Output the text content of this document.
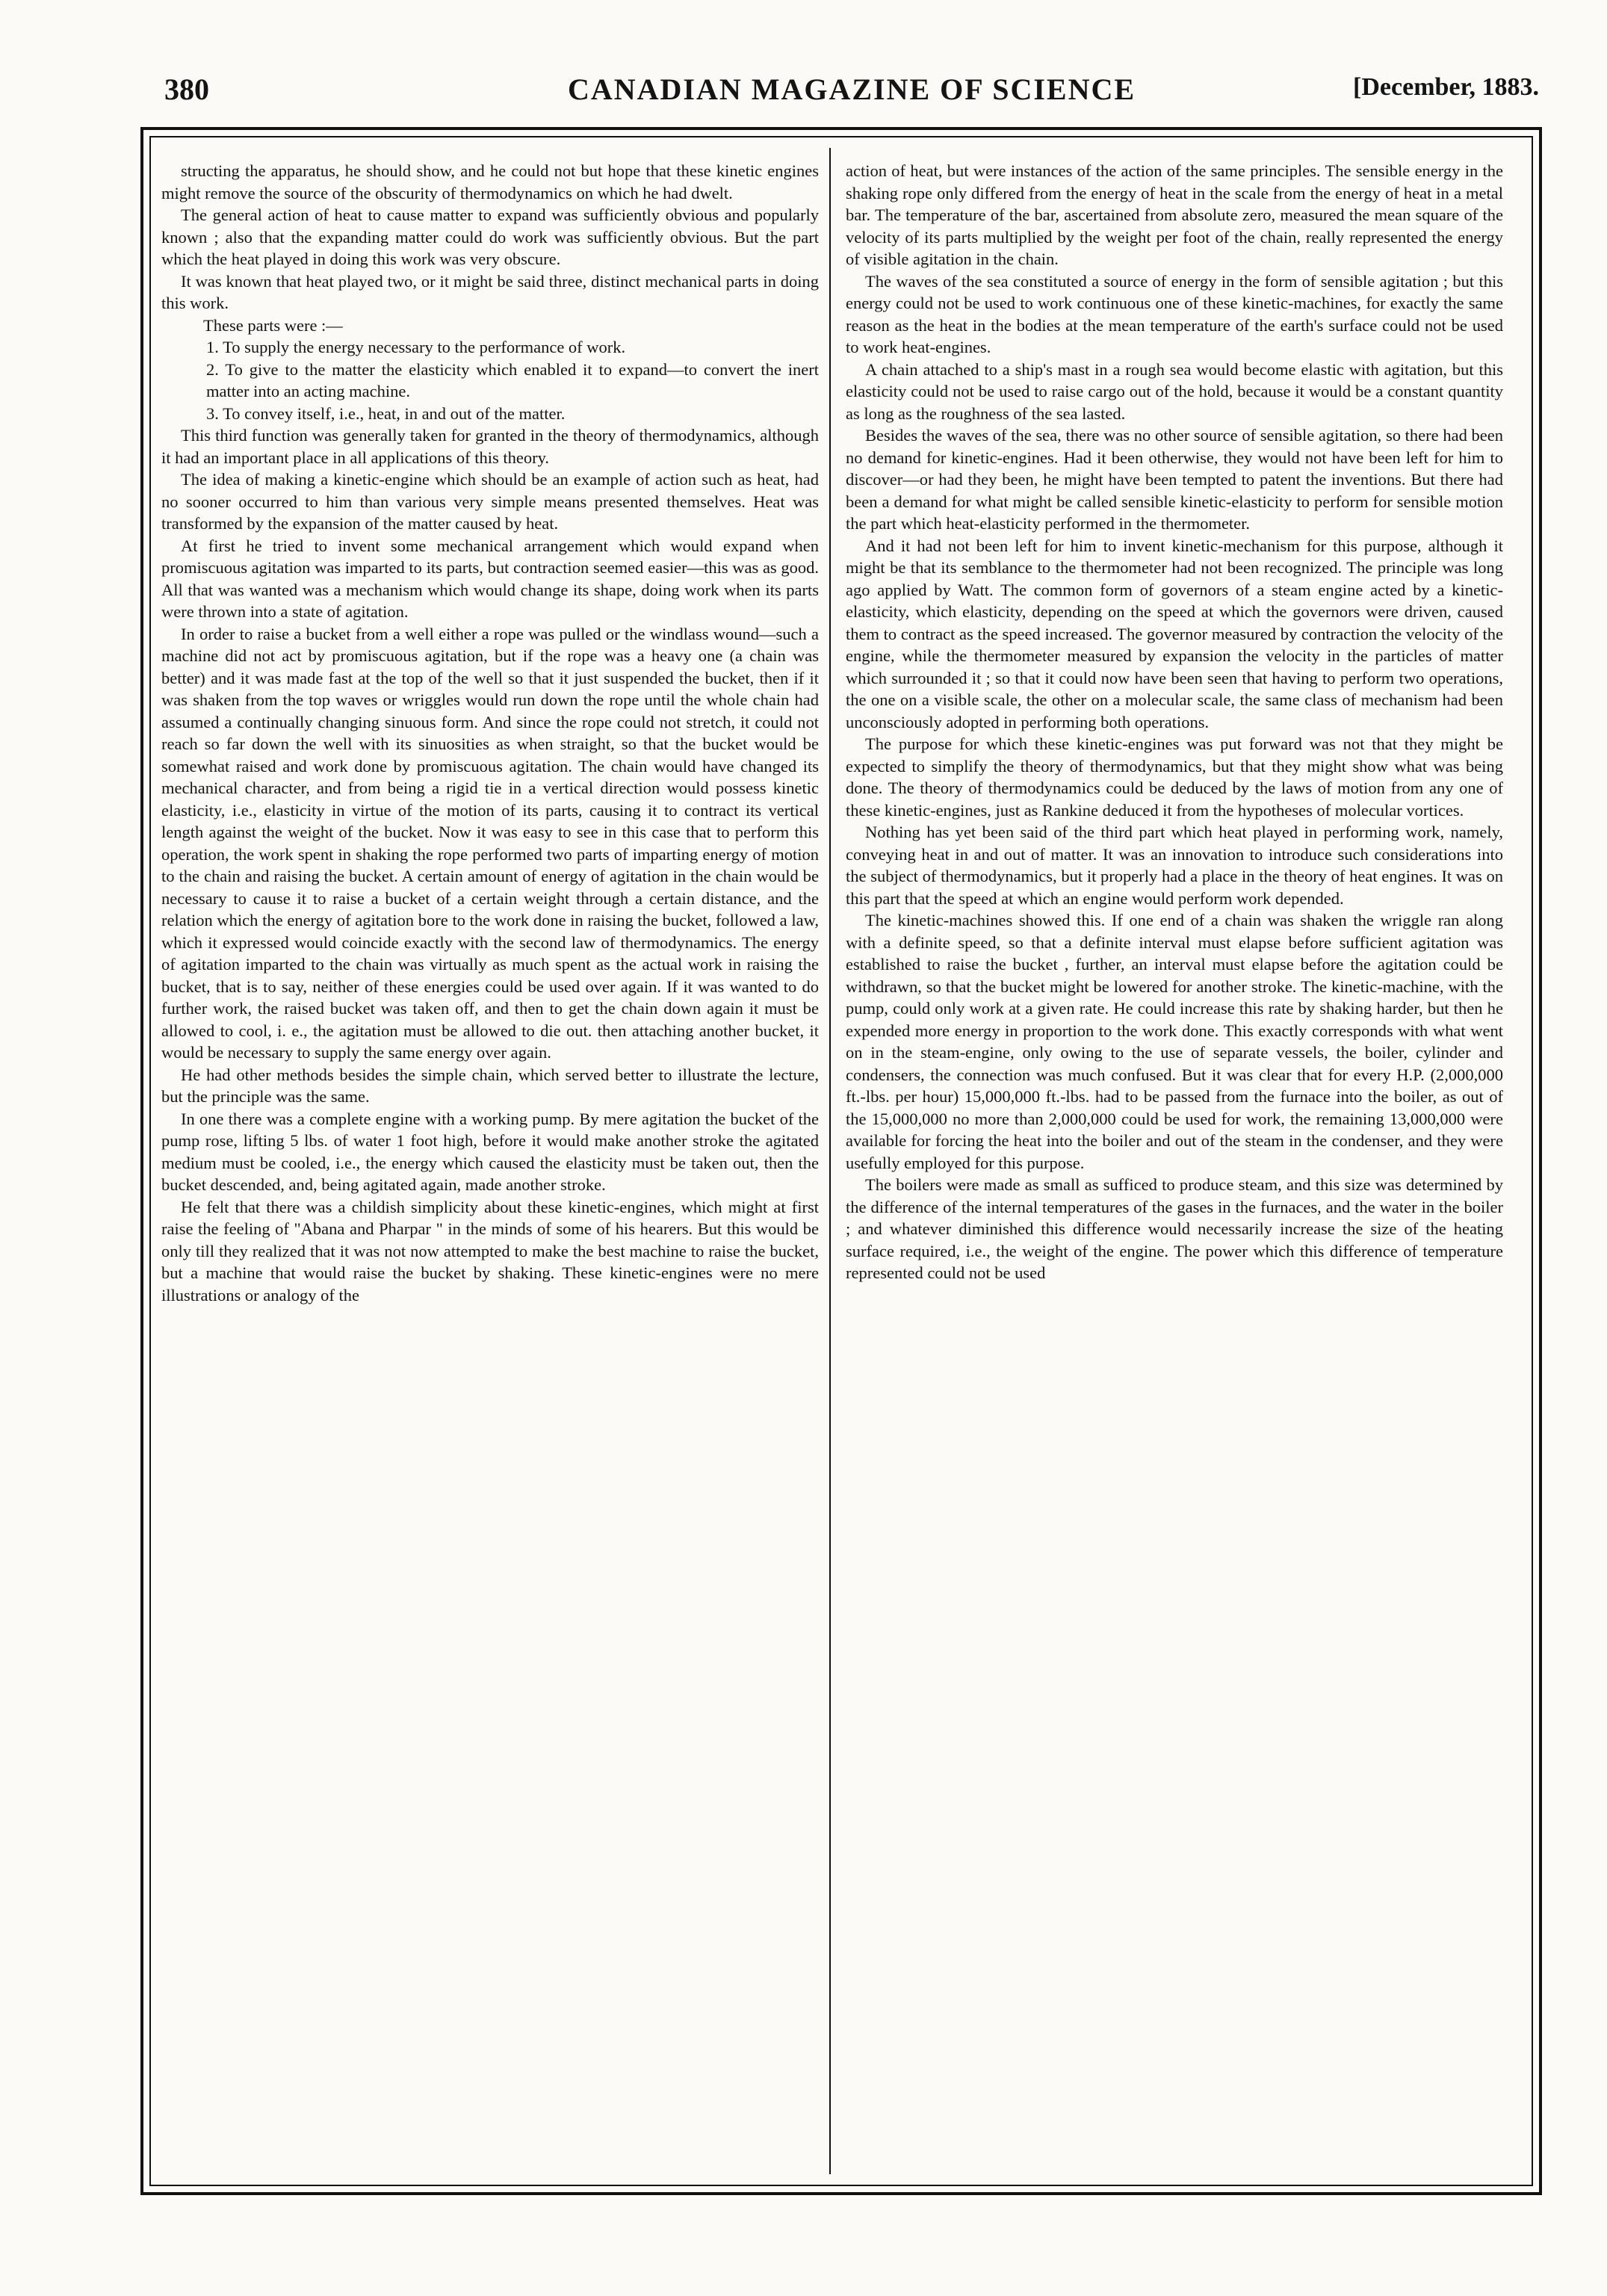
380	CANADIAN MAGAZINE OF SCIENCE	[December, 1883.

structing the apparatus, he should show, and he could not but hope that these kinetic engines might remove the source of the obscurity of thermodynamics on which he had dwelt.

The general action of heat to cause matter to expand was sufficiently obvious and popularly known ; also that the expanding matter could do work was sufficiently obvious. But the part which the heat played in doing this work was very obscure.

It was known that heat played two, or it might be said three, distinct mechanical parts in doing this work.

These parts were :—

1. To supply the energy necessary to the performance of work.

2. To give to the matter the elasticity which enabled it to expand—to convert the inert matter into an acting machine.

3. To convey itself, i.e., heat, in and out of the matter.

This third function was generally taken for granted in the theory of thermodynamics, although it had an important place in all applications of this theory.

The idea of making a kinetic-engine which should be an example of action such as heat, had no sooner occurred to him than various very simple means presented themselves. Heat was transformed by the expansion of the matter caused by heat.

At first he tried to invent some mechanical arrangement which would expand when promiscuous agitation was imparted to its parts, but contraction seemed easier—this was as good. All that was wanted was a mechanism which would change its shape, doing work when its parts were thrown into a state of agitation.

In order to raise a bucket from a well either a rope was pulled or the windlass wound—such a machine did not act by promiscuous agitation, but if the rope was a heavy one (a chain was better) and it was made fast at the top of the well so that it just suspended the bucket, then if it was shaken from the top waves or wriggles would run down the rope until the whole chain had assumed a continually changing sinuous form. And since the rope could not stretch, it could not reach so far down the well with its sinuosities as when straight, so that the bucket would be somewhat raised and work done by promiscuous agitation. The chain would have changed its mechanical character, and from being a rigid tie in a vertical direction would possess kinetic elasticity, i.e., elasticity in virtue of the motion of its parts, causing it to contract its vertical length against the weight of the bucket. Now it was easy to see in this case that to perform this operation, the work spent in shaking the rope performed two parts of imparting energy of motion to the chain and raising the bucket. A certain amount of energy of agitation in the chain would be necessary to cause it to raise a bucket of a certain weight through a certain distance, and the relation which the energy of agitation bore to the work done in raising the bucket, followed a law, which it expressed would coincide exactly with the second law of thermodynamics. The energy of agitation imparted to the chain was virtually as much spent as the actual work in raising the bucket, that is to say, neither of these energies could be used over again. If it was wanted to do further work, the raised bucket was taken off, and then to get the chain down again it must be allowed to cool, i. e., the agitation must be allowed to die out. then attaching another bucket, it would be necessary to supply the same energy over again.

He had other methods besides the simple chain, which served better to illustrate the lecture, but the principle was the same.

In one there was a complete engine with a working pump. By mere agitation the bucket of the pump rose, lifting 5 lbs. of water 1 foot high, before it would make another stroke the agitated medium must be cooled, i.e., the energy which caused the elasticity must be taken out, then the bucket descended, and, being agitated again, made another stroke.

He felt that there was a childish simplicity about these kinetic-engines, which might at first raise the feeling of "Abana and Pharpar " in the minds of some of his hearers. But this would be only till they realized that it was not now attempted to make the best machine to raise the bucket, but a machine that would raise the bucket by shaking. These kinetic-engines were no mere illustrations or analogy of the

action of heat, but were instances of the action of the same principles. The sensible energy in the shaking rope only differed from the energy of heat in the scale from the energy of heat in a metal bar. The temperature of the bar, ascertained from absolute zero, measured the mean square of the velocity of its parts multiplied by the weight per foot of the chain, really represented the energy of visible agitation in the chain.

The waves of the sea constituted a source of energy in the form of sensible agitation ; but this energy could not be used to work continuous one of these kinetic-machines, for exactly the same reason as the heat in the bodies at the mean temperature of the earth's surface could not be used to work heat-engines.

A chain attached to a ship's mast in a rough sea would become elastic with agitation, but this elasticity could not be used to raise cargo out of the hold, because it would be a constant quantity as long as the roughness of the sea lasted.

Besides the waves of the sea, there was no other source of sensible agitation, so there had been no demand for kinetic-engines. Had it been otherwise, they would not have been left for him to discover—or had they been, he might have been tempted to patent the inventions. But there had been a demand for what might be called sensible kinetic-elasticity to perform for sensible motion the part which heat-elasticity performed in the thermometer.

And it had not been left for him to invent kinetic-mechanism for this purpose, although it might be that its semblance to the thermometer had not been recognized. The principle was long ago applied by Watt. The common form of governors of a steam engine acted by a kinetic-elasticity, which elasticity, depending on the speed at which the governors were driven, caused them to contract as the speed increased. The governor measured by contraction the velocity of the engine, while the thermometer measured by expansion the velocity in the particles of matter which surrounded it ; so that it could now have been seen that having to perform two operations, the one on a visible scale, the other on a molecular scale, the same class of mechanism had been unconsciously adopted in performing both operations.

The purpose for which these kinetic-engines was put forward was not that they might be expected to simplify the theory of thermodynamics, but that they might show what was being done. The theory of thermodynamics could be deduced by the laws of motion from any one of these kinetic-engines, just as Rankine deduced it from the hypotheses of molecular vortices.

Nothing has yet been said of the third part which heat played in performing work, namely, conveying heat in and out of matter. It was an innovation to introduce such considerations into the subject of thermodynamics, but it properly had a place in the theory of heat engines. It was on this part that the speed at which an engine would perform work depended.

The kinetic-machines showed this. If one end of a chain was shaken the wriggle ran along with a definite speed, so that a definite interval must elapse before sufficient agitation was established to raise the bucket , further, an interval must elapse before the agitation could be withdrawn, so that the bucket might be lowered for another stroke. The kinetic-machine, with the pump, could only work at a given rate. He could increase this rate by shaking harder, but then he expended more energy in proportion to the work done. This exactly corresponds with what went on in the steam-engine, only owing to the use of separate vessels, the boiler, cylinder and condensers, the connection was much confused. But it was clear that for every H.P. (2,000,000 ft.-lbs. per hour) 15,000,000 ft.-lbs. had to be passed from the furnace into the boiler, as out of the 15,000,000 no more than 2,000,000 could be used for work, the remaining 13,000,000 were available for forcing the heat into the boiler and out of the steam in the condenser, and they were usefully employed for this purpose.

The boilers were made as small as sufficed to produce steam, and this size was determined by the difference of the internal temperatures of the gases in the furnaces, and the water in the boiler ; and whatever diminished this difference would necessarily increase the size of the heating surface required, i.e., the weight of the engine. The power which this difference of temperature represented could not be used
